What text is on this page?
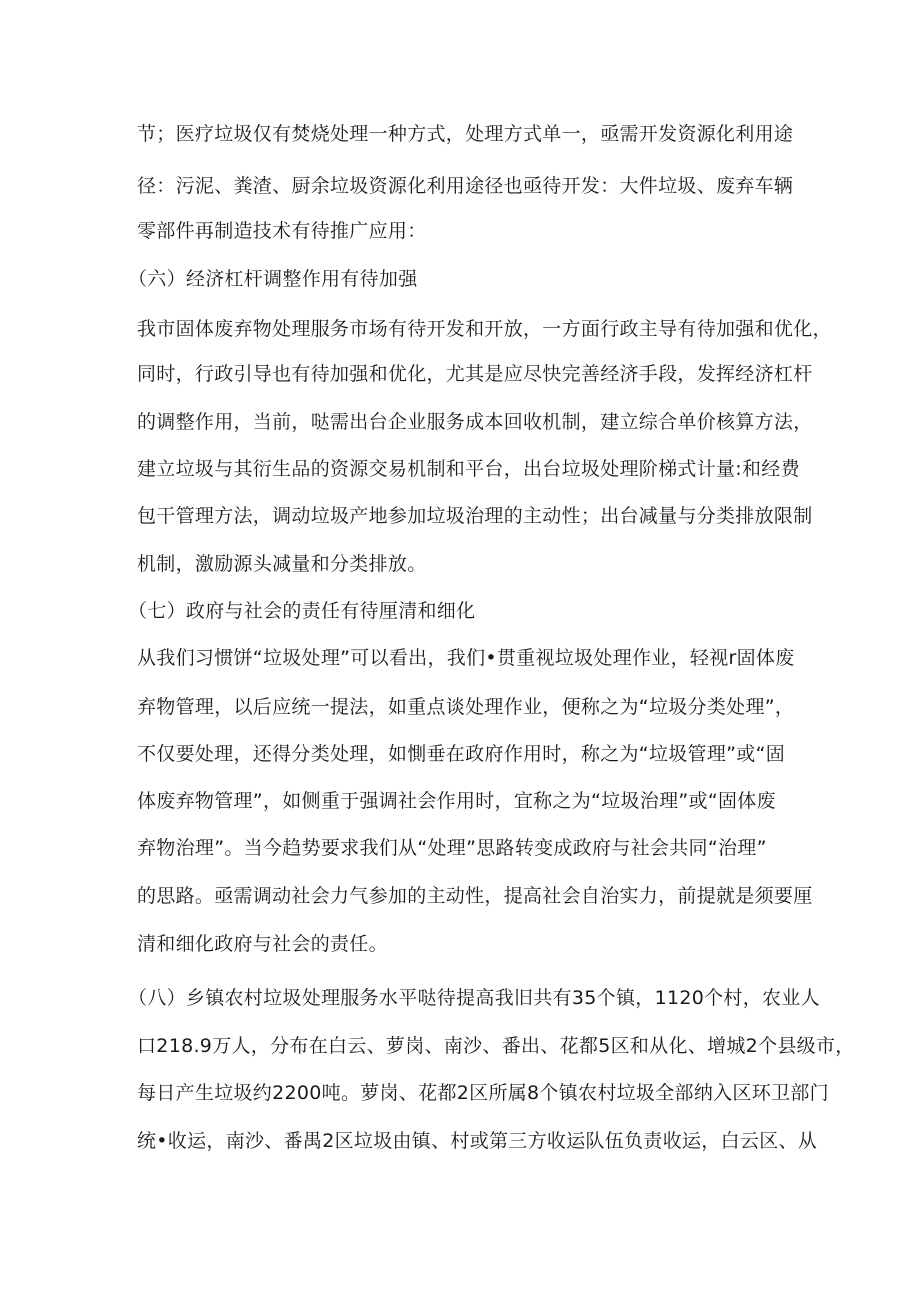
节；医疗垃圾仅有焚烧处理一种方式，处理方式单一，亟需开发资源化利用途
径：污泥、粪渣、厨余垃圾资源化利用途径也亟待开发：大件垃圾、废弃车辆
零部件再制造技术有待推广应用：
（六）经济杠杆调整作用有待加强
我市固体废弃物处理服务市场有待开发和开放，一方面行政主导有待加强和优化，
同时，行政引导也有待加强和优化，尤其是应尽快完善经济手段，发挥经济杠杆
的调整作用，当前，哒需出台企业服务成本回收机制，建立综合单价核算方法，
建立垃圾与其衍生品的资源交易机制和平台，出台垃圾处理阶梯式计量:和经费
包干管理方法，调动垃圾产地参加垃圾治理的主动性；出台减量与分类排放限制
机制，激励源头减量和分类排放。
（七）政府与社会的责任有待厘清和细化
从我们习惯饼“垃圾处理”可以看出，我们•贯重视垃圾处理作业，轻视r固体废
弃物管理，以后应统一提法，如重点谈处理作业，便称之为“垃圾分类处理”，
不仅要处理，还得分类处理，如惻垂在政府作用时，称之为“垃圾管理”或“固
体废弃物管理”，如侧重于强调社会作用时，宜称之为“垃圾治理”或“固体废
弃物治理”。当今趋势要求我们从“处理”思路转变成政府与社会共同“治理”
的思路。亟需调动社会力气参加的主动性，提高社会自治实力，前提就是须要厘
清和细化政府与社会的责任。
（八）乡镇农村垃圾处理服务水平哒待提高我旧共有35个镇，1120个村，农业人
口218.9万人，分布在白云、萝岗、南沙、番出、花都5区和从化、增城2个县级市，
每日产生垃圾约2200吨。萝岗、花都2区所属8个镇农村垃圾全部纳入区环卫部门
统•收运，南沙、番禺2区垃圾由镇、村或第三方收运队伍负责收运，白云区、从
